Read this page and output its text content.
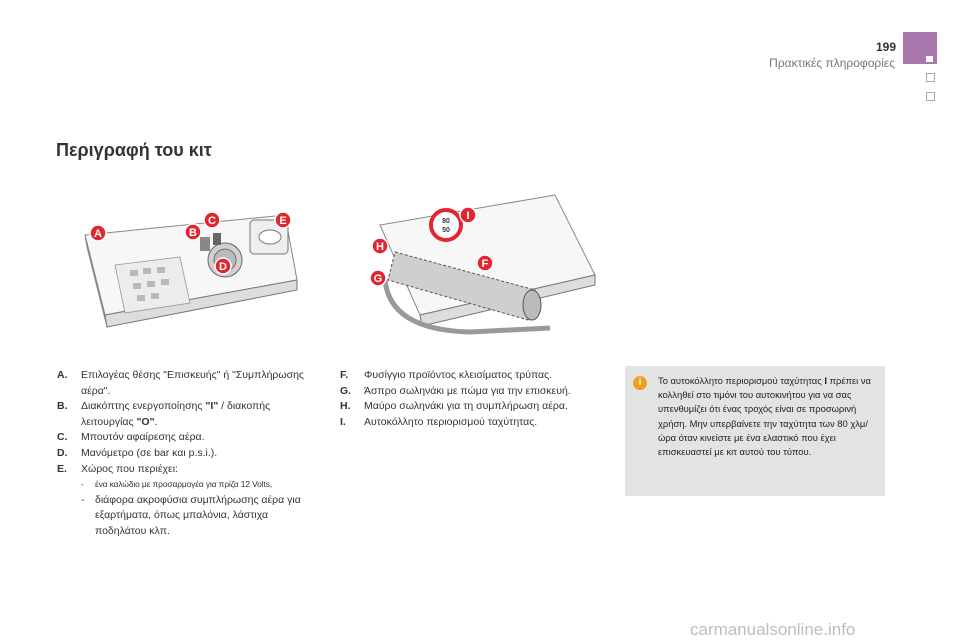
199
Πρακτικές πληροφορίες
Περιγραφή του κιτ
A	B
C
D
E	80
50
F
G
H
I
A.	Επιλογέας θέσης "Επισκευής" ή "Συμπλήρωσης αέρα".
B.	Διακόπτης ενεργοποίησης "I" / διακοπής λειτουργίας "O".
C.	Μπουτόν αφαίρεσης αέρα.
D.	Μανόμετρο (σε bar και p.s.i.).
E.	Χώρος που περιέχει:
-	ένα καλώδιο με προσαρμογέα για πρίζα 12 Volts,
-	διάφορα ακροφύσια συμπλήρωσης αέρα για εξαρτήματα, όπως μπαλόνια, λάστιχα ποδηλάτου κλπ.
F.	Φυσίγγιο προϊόντος κλεισίματος τρύπας.
G.	Άσπρο σωληνάκι με πώμα για την επισκευή.
H.	Μαύρο σωληνάκι για τη συμπλήρωση αέρα.
I.	Αυτοκόλλητο περιορισμού ταχύτητας.
i	Το αυτοκόλλητο περιορισμού ταχύτητας I πρέπει να κολληθεί στο τιμόνι του αυτοκινήτου για να σας υπενθυμίζει ότι ένας τροχός είναι σε προσωρινή χρήση. Μην υπερβαίνετε την ταχύτητα των 80 χλμ/ώρα όταν κινείστε με ένα ελαστικό που έχει επισκευαστεί με κιτ αυτού του τύπου.
carmanualsonline.info
